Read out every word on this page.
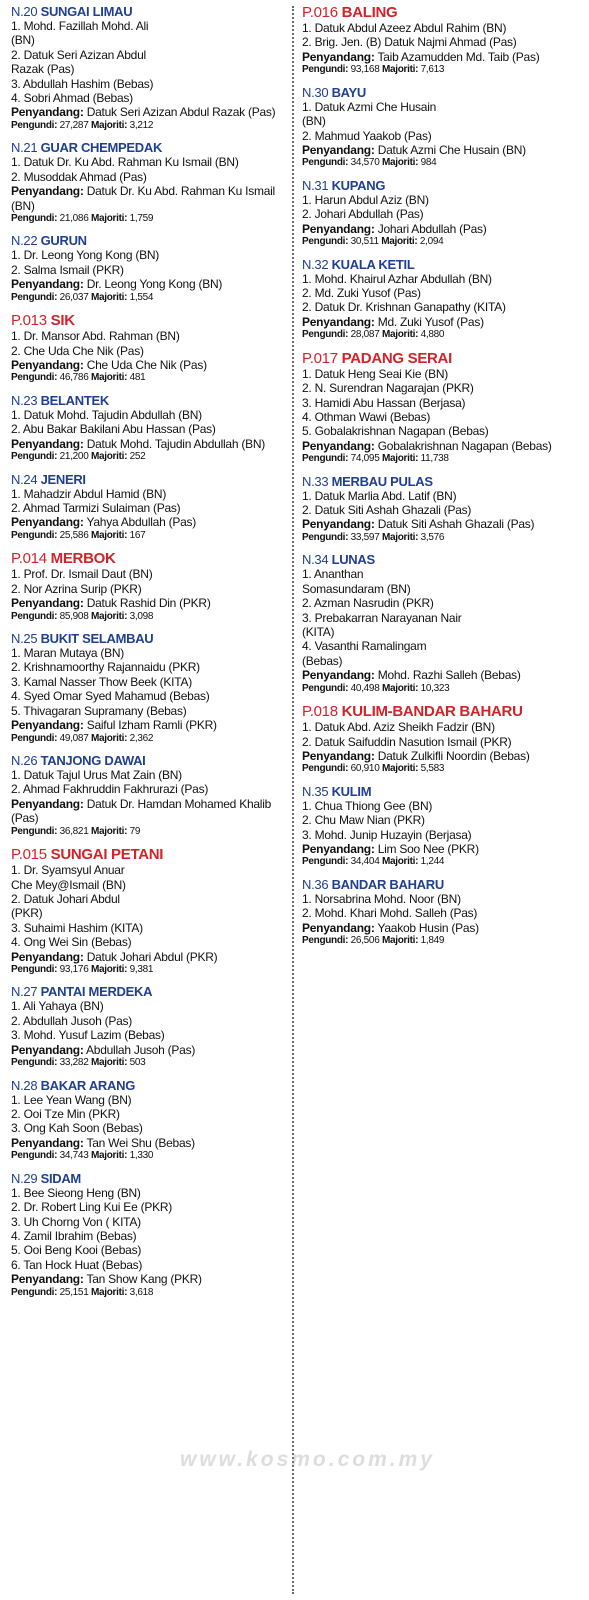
N.20 SUNGAI LIMAU
1. Mohd. Fazillah Mohd. Ali
(BN)
2. Datuk Seri Azizan Abdul
Razak (Pas)
3. Abdullah Hashim (Bebas)
4. Sobri Ahmad (Bebas)
Penyandang: Datuk Seri Azizan Abdul Razak (Pas)
Pengundi: 27,287 Majoriti: 3,212
N.21 GUAR CHEMPEDAK
1. Datuk Dr. Ku Abd. Rahman Ku Ismail (BN)
2. Musoddak Ahmad (Pas)
Penyandang: Datuk Dr. Ku Abd. Rahman Ku Ismail (BN)
Pengundi: 21,086 Majoriti: 1,759
N.22 GURUN
1. Dr. Leong Yong Kong (BN)
2. Salma Ismail (PKR)
Penyandang: Dr. Leong Yong Kong (BN)
Pengundi: 26,037 Majoriti: 1,554
P.013 SIK
1. Dr. Mansor Abd. Rahman (BN)
2. Che Uda Che Nik (Pas)
Penyandang: Che Uda Che Nik (Pas)
Pengundi: 46,786 Majoriti: 481
N.23 BELANTEK
1. Datuk Mohd. Tajudin Abdullah (BN)
2. Abu Bakar Bakilani Abu Hassan (Pas)
Penyandang: Datuk Mohd. Tajudin Abdullah (BN)
Pengundi: 21,200 Majoriti: 252
N.24 JENERI
1. Mahadzir Abdul Hamid (BN)
2. Ahmad Tarmizi Sulaiman (Pas)
Penyandang: Yahya Abdullah (Pas)
Pengundi: 25,586 Majoriti: 167
P.014 MERBOK
1. Prof. Dr. Ismail Daut (BN)
2. Nor Azrina Surip (PKR)
Penyandang: Datuk Rashid Din (PKR)
Pengundi: 85,908 Majoriti: 3,098
N.25 BUKIT SELAMBAU
1. Maran Mutaya (BN)
2. Krishnamoorthy Rajannaidu (PKR)
3. Kamal Nasser Thow Beek (KITA)
4. Syed Omar Syed Mahamud (Bebas)
5. Thivagaran Supramany (Bebas)
Penyandang: Saiful Izham Ramli (PKR)
Pengundi: 49,087 Majoriti: 2,362
N.26 TANJONG DAWAI
1. Datuk Tajul Urus Mat Zain (BN)
2. Ahmad Fakhruddin Fakhrurazi (Pas)
Penyandang: Datuk Dr. Hamdan Mohamed Khalib (Pas)
Pengundi: 36,821 Majoriti: 79
P.015 SUNGAI PETANI
1. Dr. Syamsyul Anuar
Che Mey@Ismail (BN)
2. Datuk Johari Abdul
(PKR)
3. Suhaimi Hashim (KITA)
4. Ong Wei Sin (Bebas)
Penyandang: Datuk Johari Abdul (PKR)
Pengundi: 93,176 Majoriti: 9,381
N.27 PANTAI MERDEKA
1. Ali Yahaya (BN)
2. Abdullah Jusoh (Pas)
3. Mohd. Yusuf Lazim (Bebas)
Penyandang: Abdullah Jusoh (Pas)
Pengundi: 33,282 Majoriti: 503
N.28 BAKAR ARANG
1. Lee Yean Wang (BN)
2. Ooi Tze Min (PKR)
3. Ong Kah Soon (Bebas)
Penyandang: Tan Wei Shu (Bebas)
Pengundi: 34,743 Majoriti: 1,330
N.29 SIDAM
1. Bee Sieong Heng (BN)
2. Dr. Robert Ling Kui Ee (PKR)
3. Uh Chorng Von ( KITA)
4. Zamil Ibrahim (Bebas)
5. Ooi Beng Kooi (Bebas)
6. Tan Hock Huat (Bebas)
Penyandang: Tan Show Kang (PKR)
Pengundi: 25,151 Majoriti: 3,618
P.016 BALING
1. Datuk Abdul Azeez Abdul Rahim (BN)
2. Brig. Jen. (B) Datuk Najmi Ahmad (Pas)
Penyandang: Taib Azamudden Md. Taib (Pas)
Pengundi: 93,168 Majoriti: 7,613
N.30 BAYU
1. Datuk Azmi Che Husain
(BN)
2. Mahmud Yaakob (Pas)
Penyandang: Datuk Azmi Che Husain (BN)
Pengundi: 34,570 Majoriti: 984
N.31 KUPANG
1. Harun Abdul Aziz (BN)
2. Johari Abdullah (Pas)
Penyandang: Johari Abdullah (Pas)
Pengundi: 30,511 Majoriti: 2,094
N.32 KUALA KETIL
1. Mohd. Khairul Azhar Abdullah (BN)
2. Md. Zuki Yusof (Pas)
2. Datuk Dr. Krishnan Ganapathy (KITA)
Penyandang: Md. Zuki Yusof (Pas)
Pengundi: 28,087 Majoriti: 4,880
P.017 PADANG SERAI
1. Datuk Heng Seai Kie (BN)
2. N. Surendran Nagarajan (PKR)
3. Hamidi Abu Hassan (Berjasa)
4. Othman Wawi (Bebas)
5. Gobalakrishnan Nagapan (Bebas)
Penyandang: Gobalakrishnan Nagapan (Bebas)
Pengundi: 74,095 Majoriti: 11,738
N.33 MERBAU PULAS
1. Datuk Marlia Abd. Latif (BN)
2. Datuk Siti Ashah Ghazali (Pas)
Penyandang: Datuk Siti Ashah Ghazali (Pas)
Pengundi: 33,597 Majoriti: 3,576
N.34 LUNAS
1. Ananthan
Somasundaram (BN)
2. Azman Nasrudin (PKR)
3. Prebakarran Narayanan Nair
(KITA)
4. Vasanthi Ramalingam
(Bebas)
Penyandang: Mohd. Razhi Salleh (Bebas)
Pengundi: 40,498 Majoriti: 10,323
P.018 KULIM-BANDAR BAHARU
1. Datuk Abd. Aziz Sheikh Fadzir (BN)
2. Datuk Saifuddin Nasution Ismail (PKR)
Penyandang: Datuk Zulkifli Noordin (Bebas)
Pengundi: 60,910 Majoriti: 5,583
N.35 KULIM
1. Chua Thiong Gee (BN)
2. Chu Maw Nian (PKR)
3. Mohd. Junip Huzayin (Berjasa)
Penyandang: Lim Soo Nee (PKR)
Pengundi: 34,404 Majoriti: 1,244
N.36 BANDAR BAHARU
1. Norsabrina Mohd. Noor (BN)
2. Mohd. Khari Mohd. Salleh (Pas)
Penyandang: Yaakob Husin (Pas)
Pengundi: 26,506 Majoriti: 1,849
www.kosmo.com.my
